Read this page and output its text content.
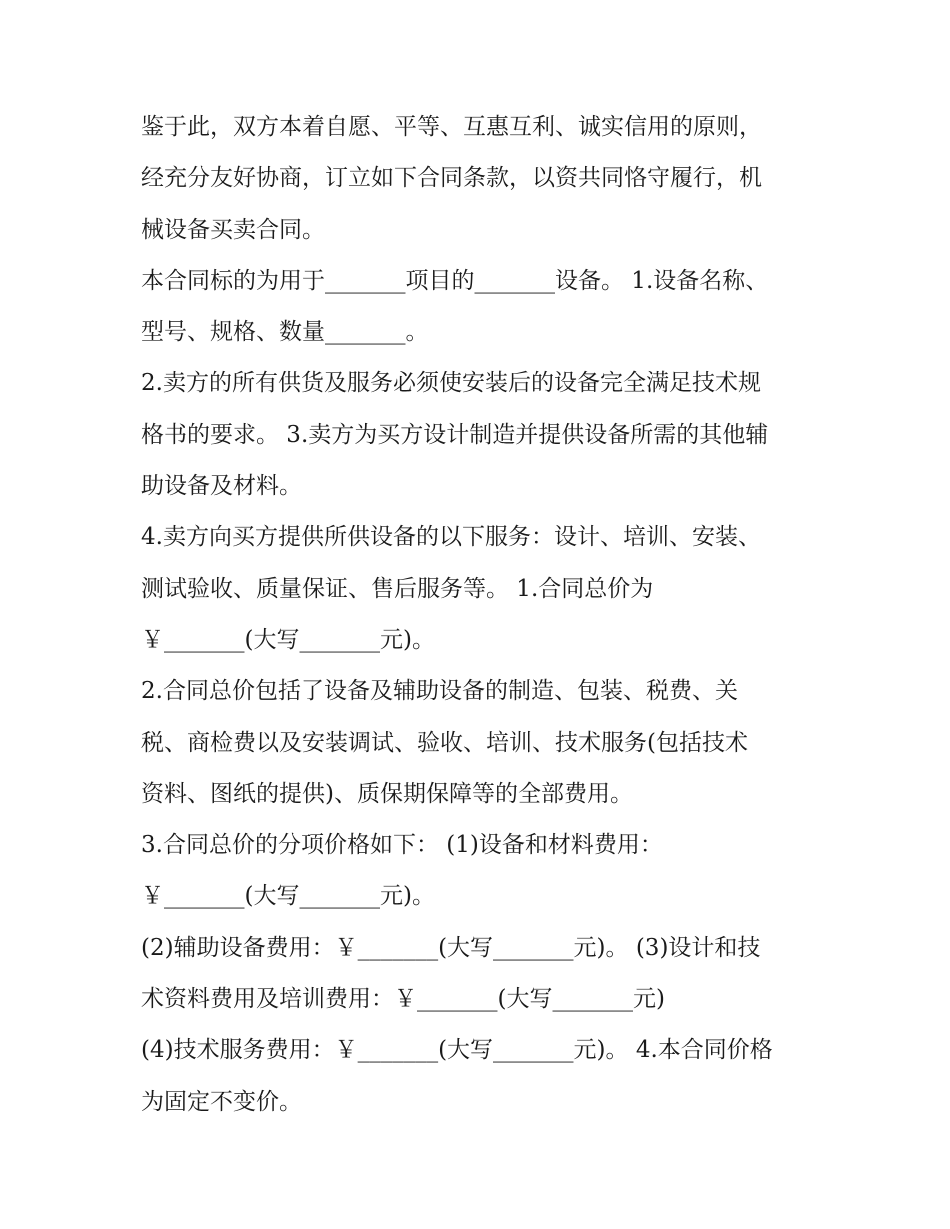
鉴于此，双方本着自愿、平等、互惠互利、诚实信用的原则，

经充分友好协商，订立如下合同条款，以资共同恪守履行，机

械设备买卖合同。

本合同标的为用于_______项目的_______设备。 1.设备名称、

型号、规格、数量_______。

2.卖方的所有供货及服务必须使安装后的设备完全满足技术规

格书的要求。 3.卖方为买方设计制造并提供设备所需的其他辅

助设备及材料。

4.卖方向买方提供所供设备的以下服务：设计、培训、安装、

测试验收、质量保证、售后服务等。 1.合同总价为

￥_______(大写_______元)。

2.合同总价包括了设备及辅助设备的制造、包装、税费、关

税、商检费以及安装调试、验收、培训、技术服务(包括技术

资料、图纸的提供)、质保期保障等的全部费用。

3.合同总价的分项价格如下： (1)设备和材料费用：

￥_______(大写_______元)。

(2)辅助设备费用：￥_______(大写_______元)。 (3)设计和技

术资料费用及培训费用：￥_______(大写_______元)

(4)技术服务费用：￥_______(大写_______元)。 4.本合同价格

为固定不变价。
